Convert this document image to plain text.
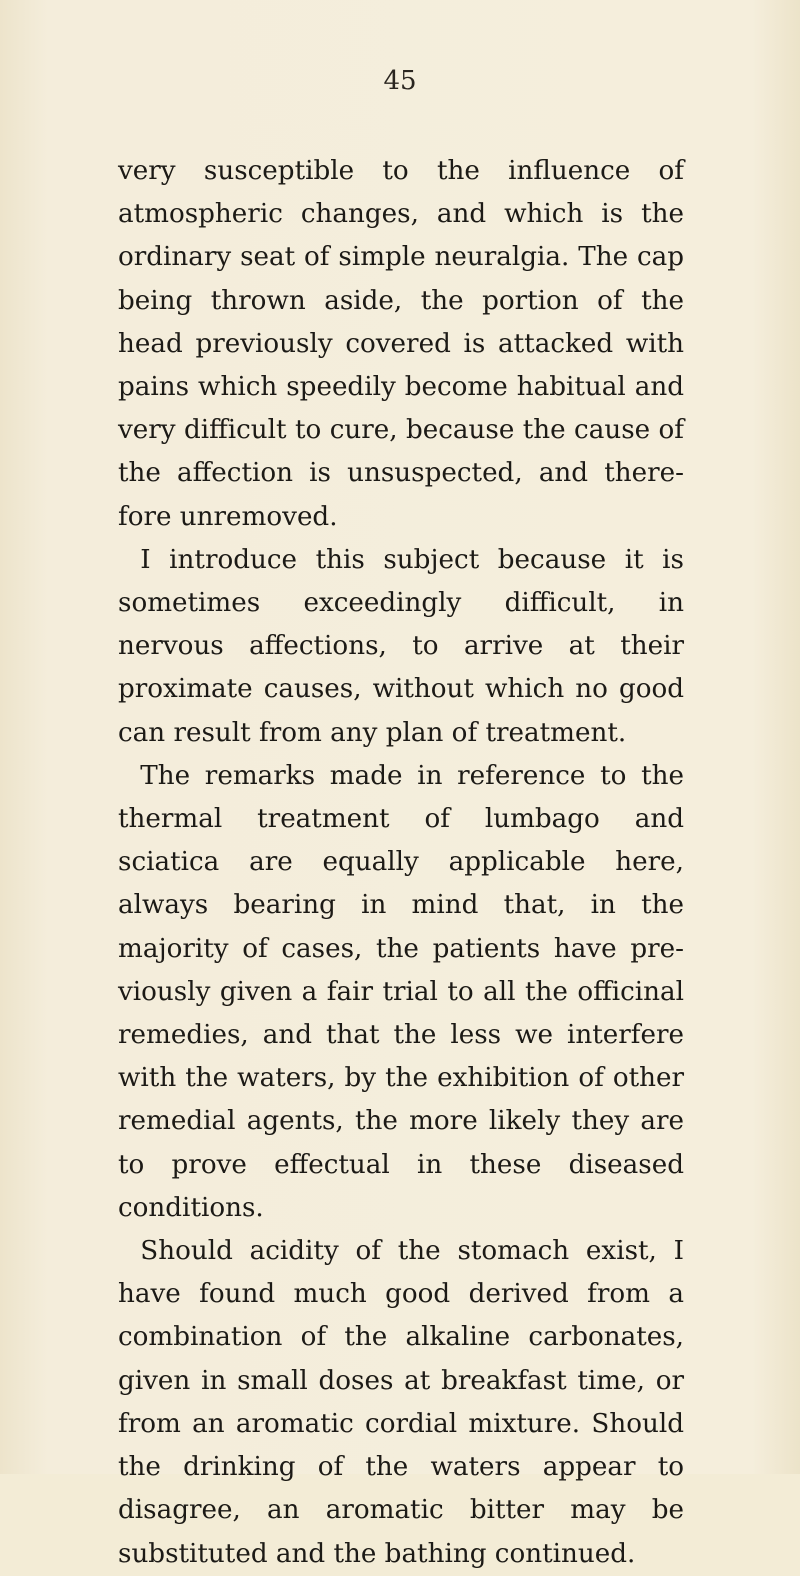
45

very susceptible to the influence of atmospheric changes, and which is the ordinary seat of simple neuralgia. The cap being thrown aside, the portion of the head previously covered is attacked with pains which speedily become habitual and very difficult to cure, because the cause of the affection is unsuspected, and there-fore unremoved.

I introduce this subject because it is sometimes exceedingly difficult, in nervous affections, to arrive at their proximate causes, without which no good can result from any plan of treatment.

The remarks made in reference to the thermal treatment of lumbago and sciatica are equally applicable here, always bearing in mind that, in the majority of cases, the patients have pre-viously given a fair trial to all the officinal remedies, and that the less we interfere with the waters, by the exhibition of other remedial agents, the more likely they are to prove effectual in these diseased conditions.

Should acidity of the stomach exist, I have found much good derived from a combination of the alkaline carbonates, given in small doses at breakfast time, or from an aromatic cordial mixture. Should the drinking of the waters appear to disagree, an aromatic bitter may be substituted and the bathing continued.
